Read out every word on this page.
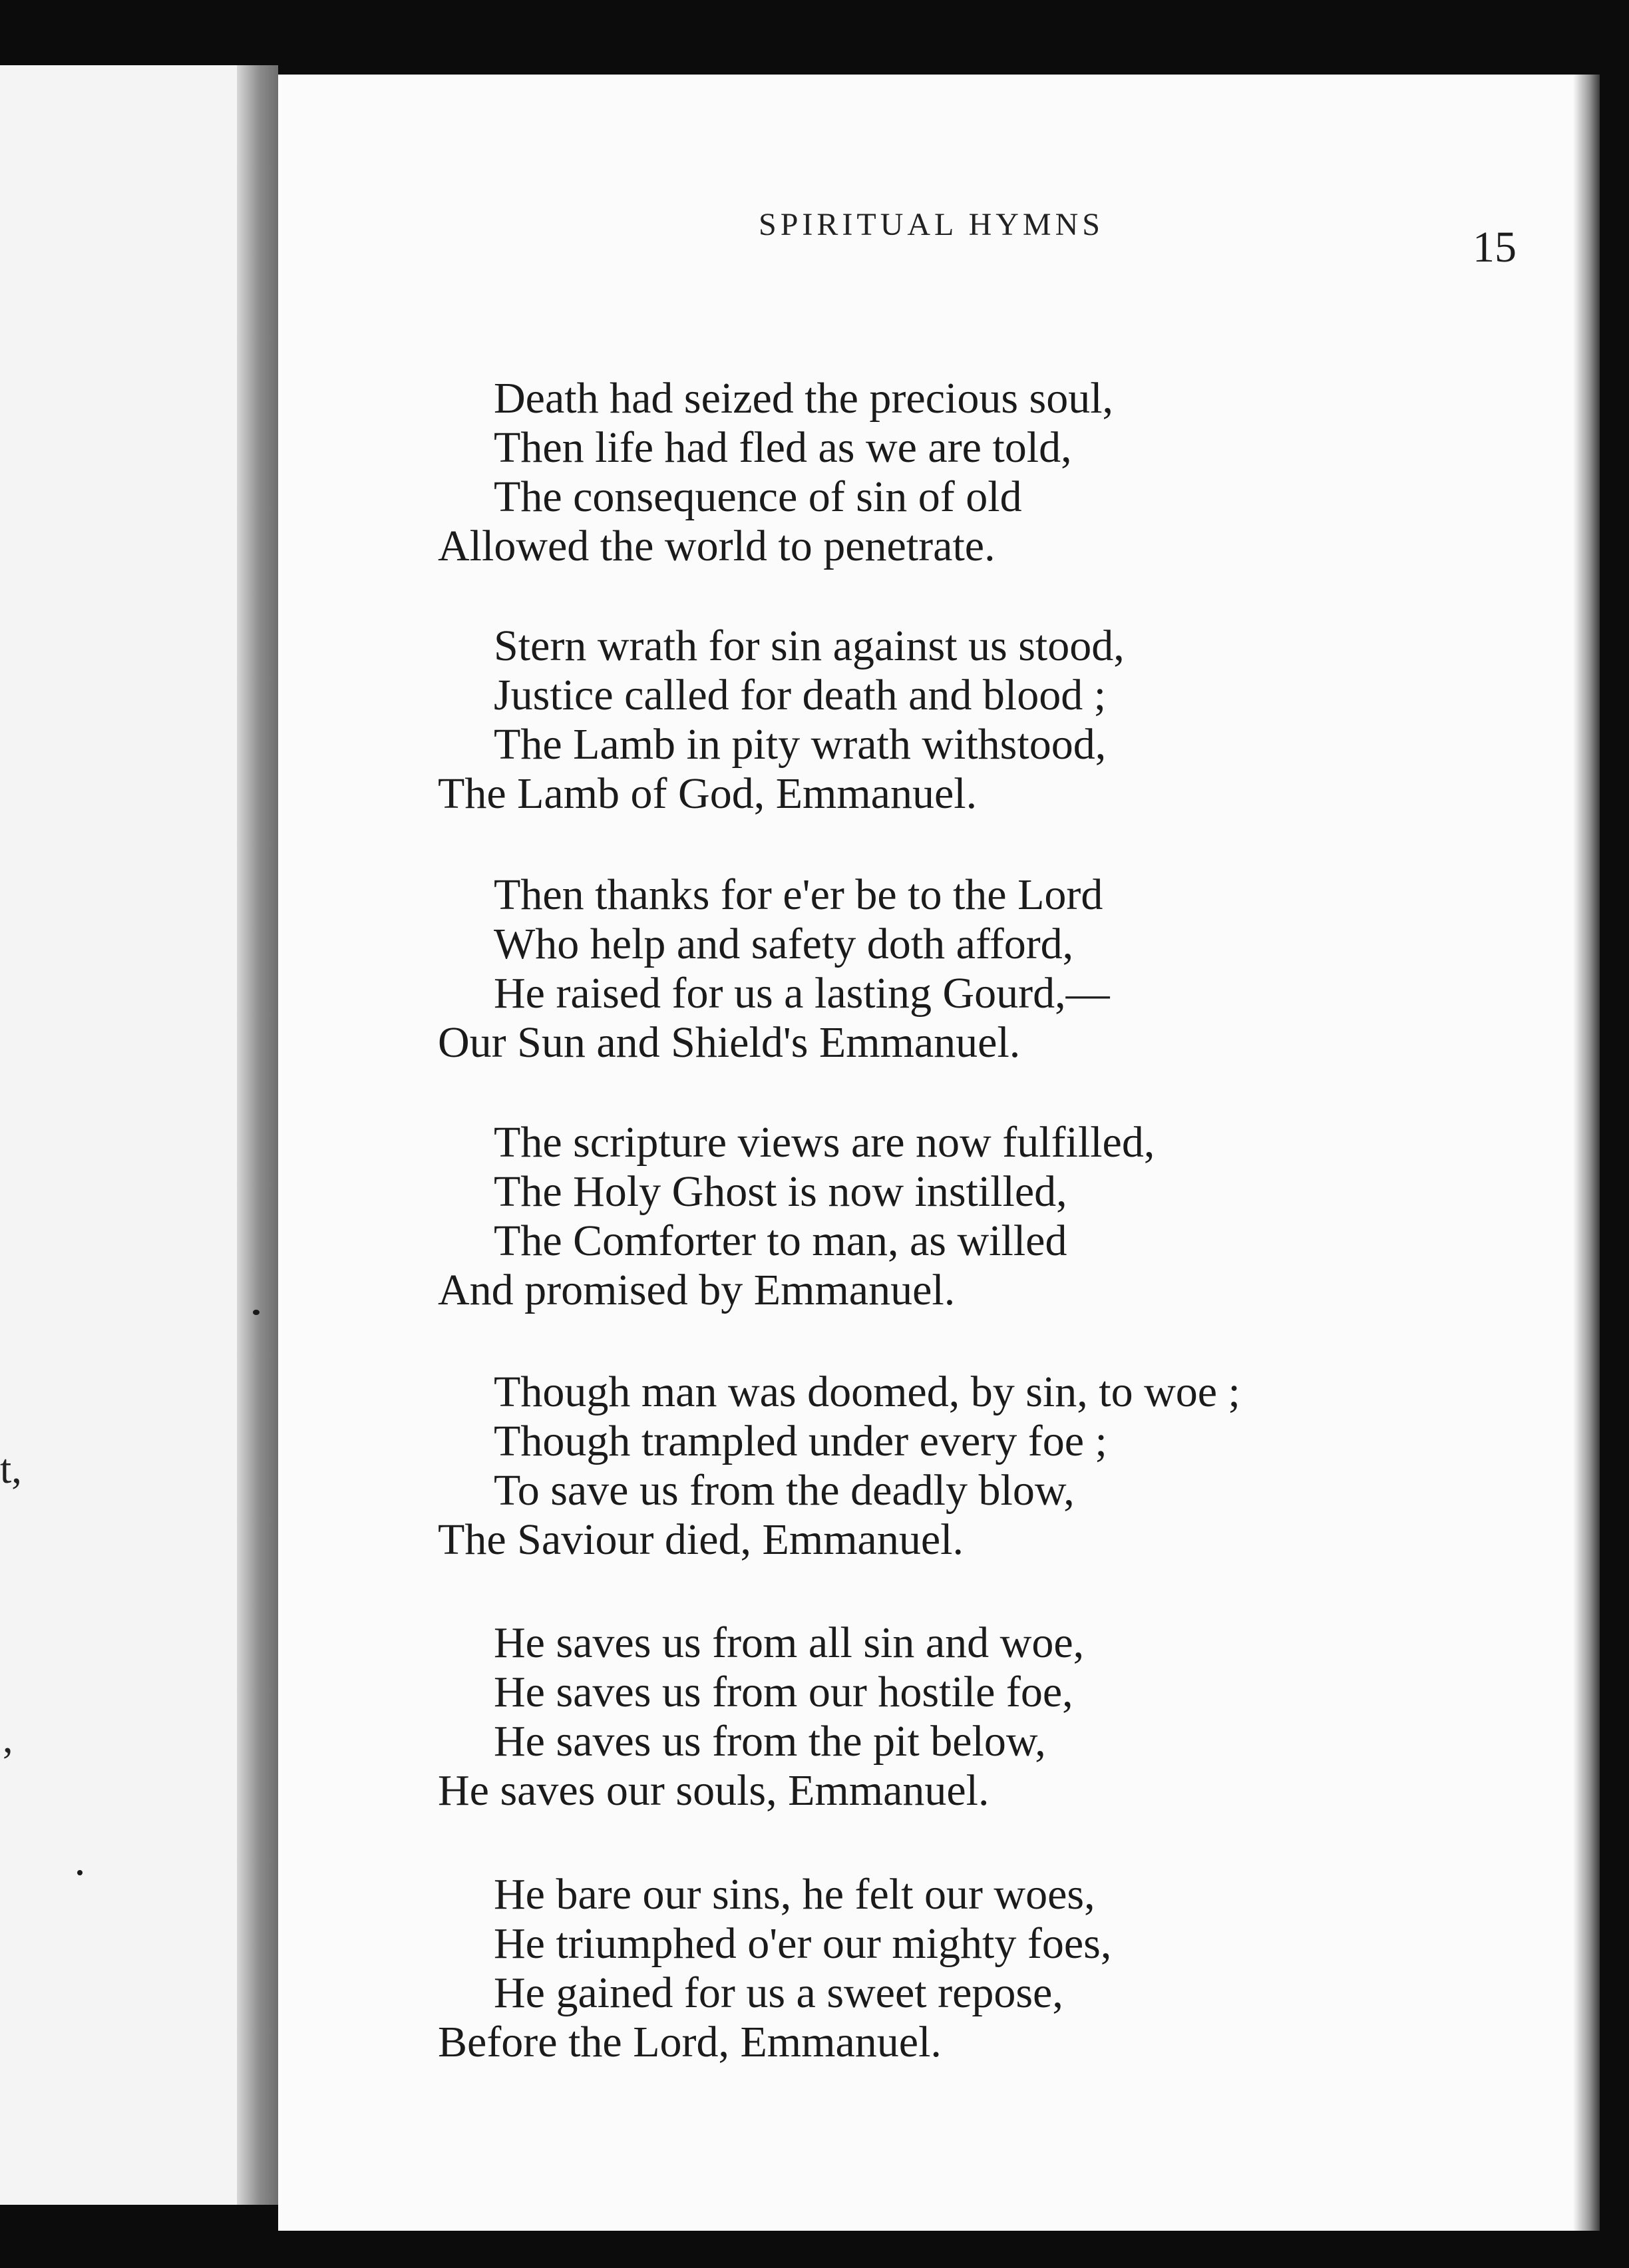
t,
,
SPIRITUAL HYMNS	15
Death had seized the precious soul,
Then life had fled as we are told,
The consequence of sin of old
Allowed the world to penetrate.
Stern wrath for sin against us stood,
Justice called for death and blood ;
The Lamb in pity wrath withstood,
The Lamb of God, Emmanuel.
Then thanks for e'er be to the Lord
Who help and safety doth afford,
He raised for us a lasting Gourd,—
Our Sun and Shield's Emmanuel.
The scripture views are now fulfilled,
The Holy Ghost is now instilled,
The Comforter to man, as willed
And promised by Emmanuel.
Though man was doomed, by sin, to woe ;
Though trampled under every foe ;
To save us from the deadly blow,
The Saviour died, Emmanuel.
He saves us from all sin and woe,
He saves us from our hostile foe,
He saves us from the pit below,
He saves our souls, Emmanuel.
He bare our sins, he felt our woes,
He triumphed o'er our mighty foes,
He gained for us a sweet repose,
Before the Lord, Emmanuel.
